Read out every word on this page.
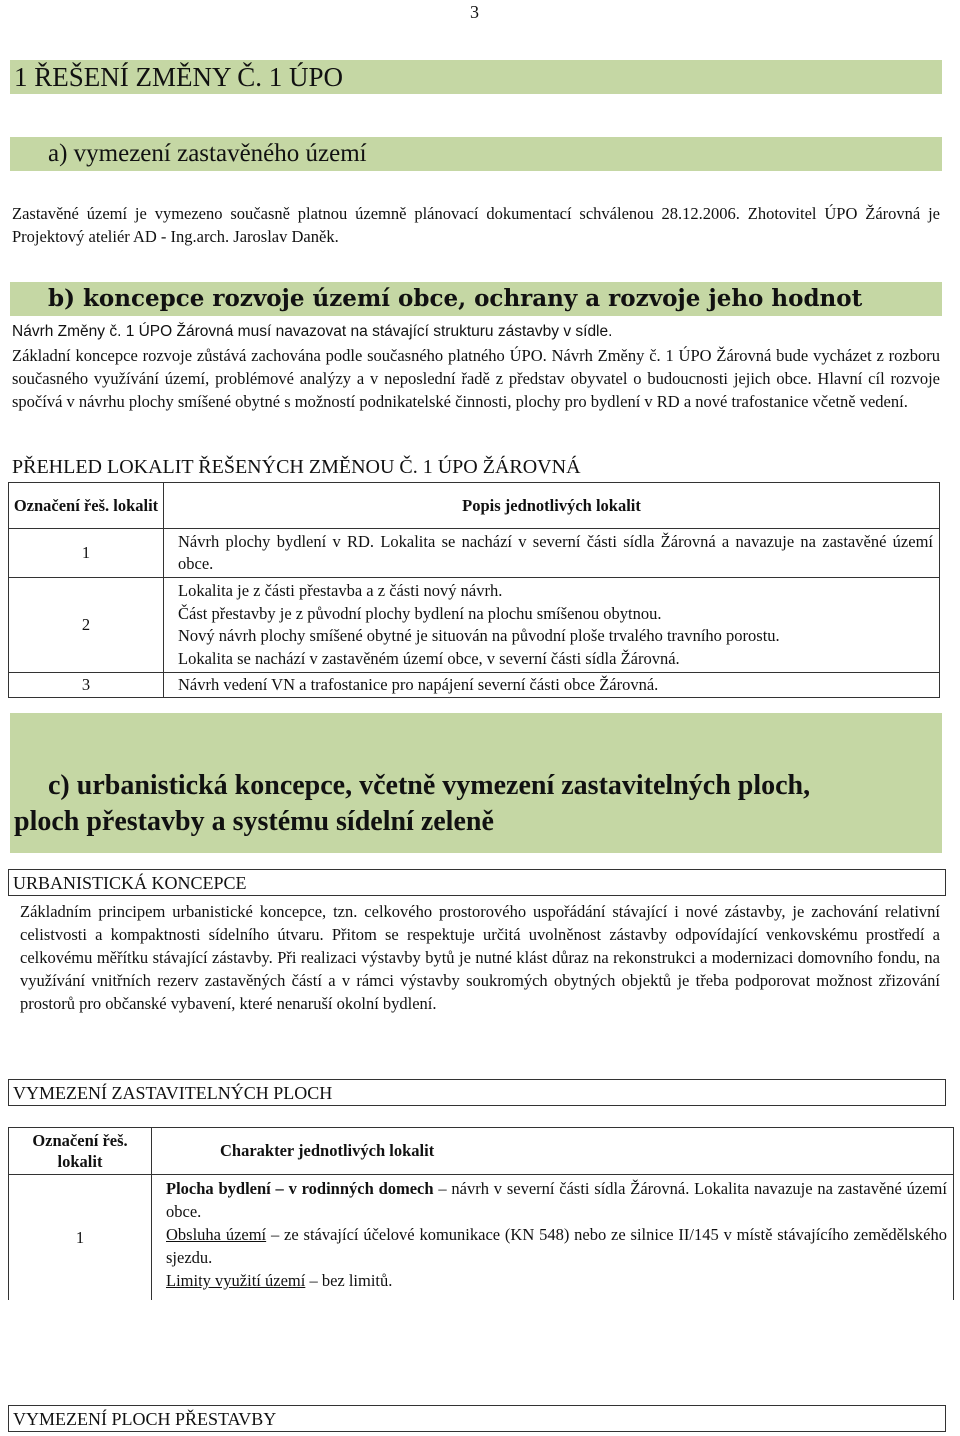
3
1 ŘEŠENÍ ZMĚNY Č. 1 ÚPO
a) vymezení zastavěného území
Zastavěné území je vymezeno současně platnou územně plánovací dokumentací schválenou 28.12.2006. Zhotovitel ÚPO Žárovná je Projektový ateliér AD - Ing.arch. Jaroslav Daněk.
b) koncepce rozvoje území obce, ochrany a rozvoje jeho hodnot
Návrh Změny č. 1 ÚPO Žárovná musí navazovat na stávající strukturu zástavby v sídle.
Základní koncepce rozvoje zůstává zachována podle současného platného ÚPO. Návrh Změny č. 1 ÚPO Žárovná bude vycházet z rozboru současného využívání území, problémové analýzy a v neposlední řadě z představ obyvatel o budoucnosti jejich obce. Hlavní cíl rozvoje spočívá v návrhu plochy smíšené obytné s možností podnikatelské činnosti, plochy pro bydlení v RD a nové trafostanice včetně vedení.
PŘEHLED LOKALIT ŘEŠENÝCH ZMĚNOU Č. 1 ÚPO ŽÁROVNÁ
Označení řeš. lokalit	Popis jednotlivých lokalit
1	Návrh plochy bydlení v RD. Lokalita se nachází v severní části sídla Žárovná a navazuje na zastavěné území obce.
2	Lokalita je z části přestavba a z části nový návrh.
Část přestavby je z původní plochy bydlení na plochu smíšenou obytnou.
Nový návrh plochy smíšené obytné je situován na původní ploše trvalého travního porostu.
Lokalita se nachází v zastavěném území obce, v severní části sídla Žárovná.

3	Návrh vedení VN a trafostanice pro napájení severní části obce Žárovná.
c) urbanistická koncepce, včetně vymezení zastavitelných ploch,
ploch přestavby a systému sídelní zeleně
URBANISTICKÁ KONCEPCE
Základním principem urbanistické koncepce, tzn. celkového prostorového uspořádání stávající i nové zástavby, je zachování relativní celistvosti a kompaktnosti sídelního útvaru. Přitom se respektuje určitá uvolněnost zástavby odpovídající venkovskému prostředí a celkovému měřítku stávající zástavby. Při realizaci výstavby bytů je nutné klást důraz na rekonstrukci a modernizaci domovního fondu, na využívání vnitřních rezerv zastavěných částí a v rámci výstavby soukromých obytných objektů je třeba podporovat možnost zřizování prostorů pro občanské vybavení, které nenaruší okolní bydlení.
VYMEZENÍ ZASTAVITELNÝCH PLOCH
Označení řeš. lokalit	Charakter jednotlivých lokalit
1	Plocha bydlení – v rodinných domech – návrh v severní části sídla Žárovná. Lokalita navazuje na zastavěné území obce.
Obsluha území – ze stávající účelové komunikace (KN 548) nebo ze silnice II/145 v místě stávajícího zemědělského sjezdu.
Limity využití území – bez limitů.
VYMEZENÍ PLOCH PŘESTAVBY
